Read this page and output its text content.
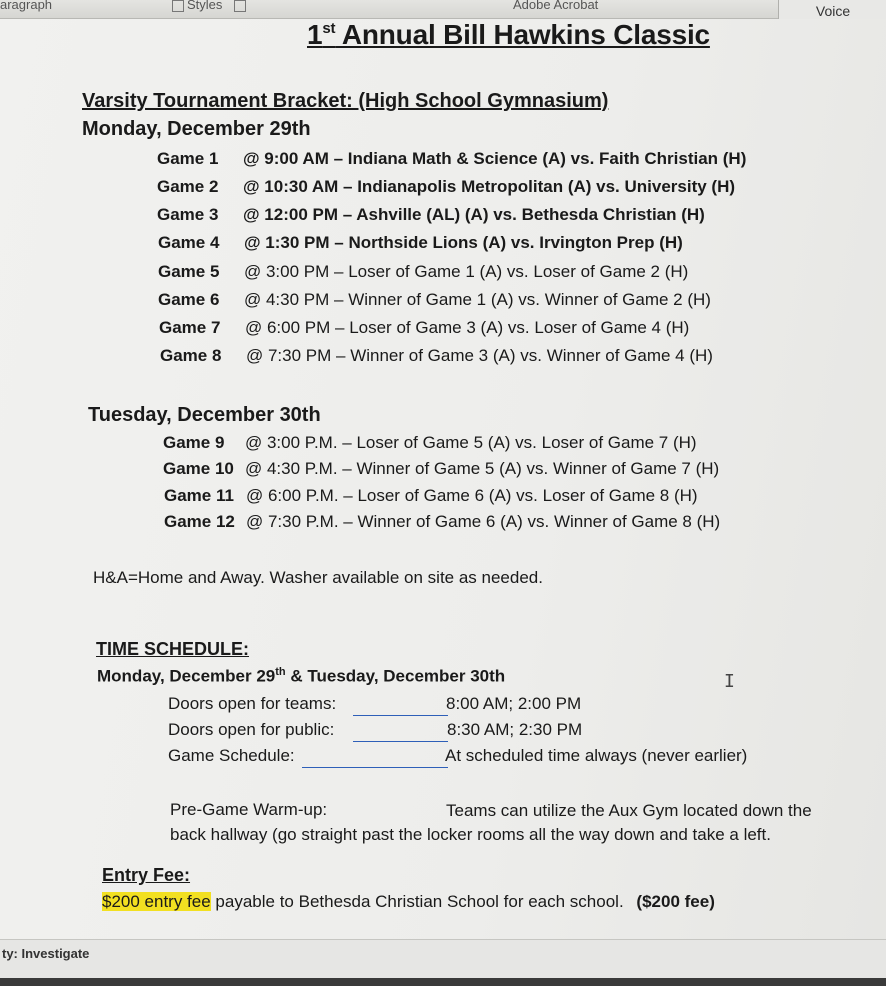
aragraph	Styles	Adobe Acrobat	Voice
1st Annual Bill Hawkins Classic
Varsity Tournament Bracket: (High School Gymnasium)
Monday, December 29th
Game 1 @ 9:00 AM – Indiana Math & Science (A) vs. Faith Christian (H)
Game 2 @ 10:30 AM – Indianapolis Metropolitan (A) vs. University (H)
Game 3 @ 12:00 PM – Ashville (AL) (A) vs. Bethesda Christian (H)
Game 4 @ 1:30 PM – Northside Lions (A) vs. Irvington Prep (H)
Game 5 @ 3:00 PM – Loser of Game 1 (A) vs. Loser of Game 2 (H)
Game 6 @ 4:30 PM – Winner of Game 1 (A) vs. Winner of Game 2 (H)
Game 7 @ 6:00 PM – Loser of Game 3 (A) vs. Loser of Game 4 (H)
Game 8 @ 7:30 PM – Winner of Game 3 (A) vs. Winner of Game 4 (H)
Tuesday, December 30th
Game 9 @ 3:00 P.M. – Loser of Game 5 (A) vs. Loser of Game 7 (H)
Game 10 @ 4:30 P.M. – Winner of Game 5 (A) vs. Winner of Game 7 (H)
Game 11 @ 6:00 P.M. – Loser of Game 6 (A) vs. Loser of Game 8 (H)
Game 12 @ 7:30 P.M. – Winner of Game 6 (A) vs. Winner of Game 8 (H)
H&A=Home and Away. Washer available on site as needed.
TIME SCHEDULE:
Monday, December 29th & Tuesday, December 30th	I
Doors open for teams:	8:00 AM; 2:00 PM
Doors open for public:	8:30 AM; 2:30 PM
Game Schedule:	At scheduled time always (never earlier)
Pre-Game Warm-up:	Teams can utilize the Aux Gym located down the
back hallway (go straight past the locker rooms all the way down and take a left.
Entry Fee:
$200 entry fee payable to Bethesda Christian School for each school. ($200 fee)
ty: Investigate
